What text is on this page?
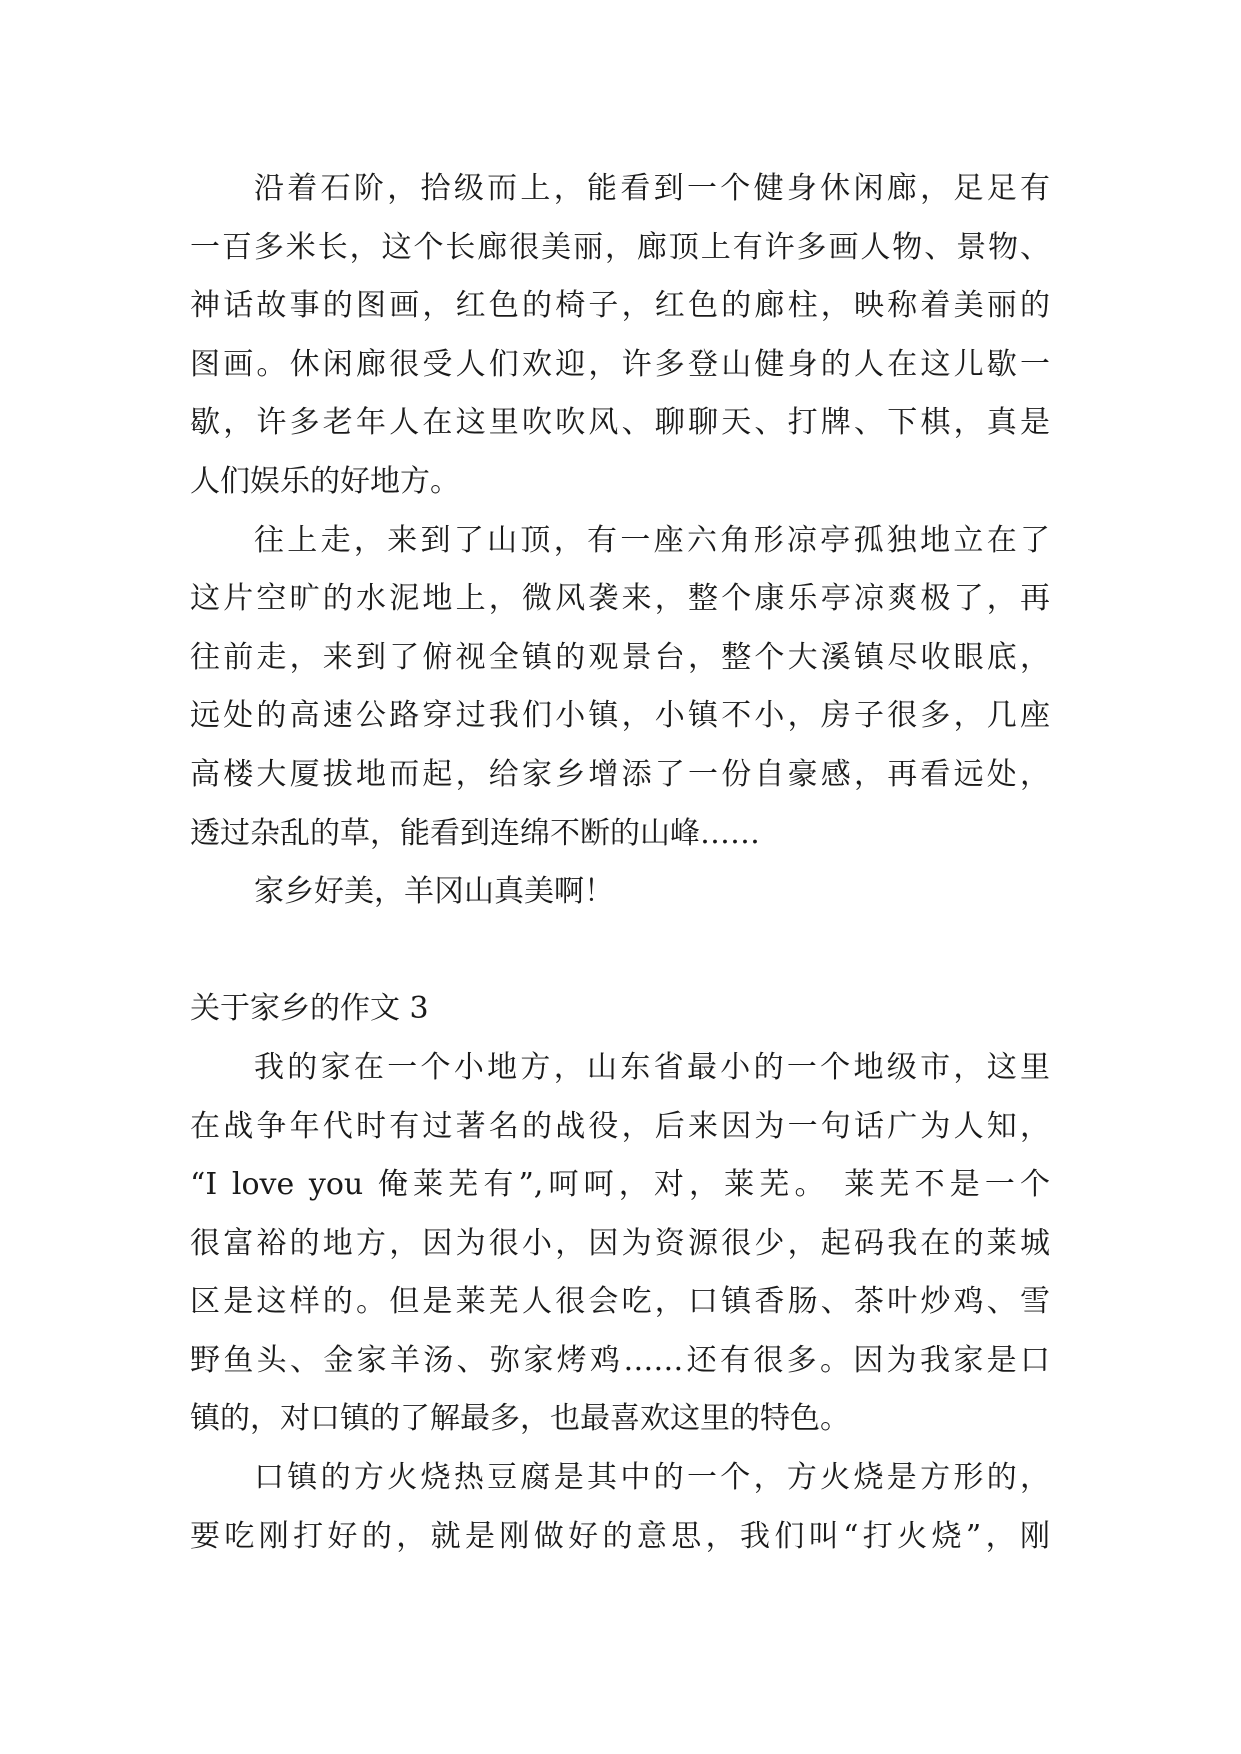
沿着石阶，拾级而上，能看到一个健身休闲廊，足足有
一百多米长，这个长廊很美丽，廊顶上有许多画人物、景物、
神话故事的图画，红色的椅子，红色的廊柱，映称着美丽的
图画。休闲廊很受人们欢迎，许多登山健身的人在这儿歇一
歇，许多老年人在这里吹吹风、聊聊天、打牌、下棋，真是
人们娱乐的好地方。
往上走，来到了山顶，有一座六角形凉亭孤独地立在了
这片空旷的水泥地上，微风袭来，整个康乐亭凉爽极了，再
往前走，来到了俯视全镇的观景台，整个大溪镇尽收眼底，
远处的高速公路穿过我们小镇，小镇不小，房子很多，几座
高楼大厦拔地而起，给家乡增添了一份自豪感，再看远处，
透过杂乱的草，能看到连绵不断的山峰……
家乡好美，羊冈山真美啊！
关于家乡的作文 3
我的家在一个小地方，山东省最小的一个地级市，这里
在战争年代时有过著名的战役，后来因为一句话广为人知，
“I love you 俺莱芜有”,呵呵，对，莱芜。 莱芜不是一个
很富裕的地方，因为很小，因为资源很少，起码我在的莱城
区是这样的。但是莱芜人很会吃，口镇香肠、茶叶炒鸡、雪
野鱼头、金家羊汤、弥家烤鸡……还有很多。因为我家是口
镇的，对口镇的了解最多，也最喜欢这里的特色。
口镇的方火烧热豆腐是其中的一个，方火烧是方形的，
要吃刚打好的，就是刚做好的意思，我们叫“打火烧”，刚
